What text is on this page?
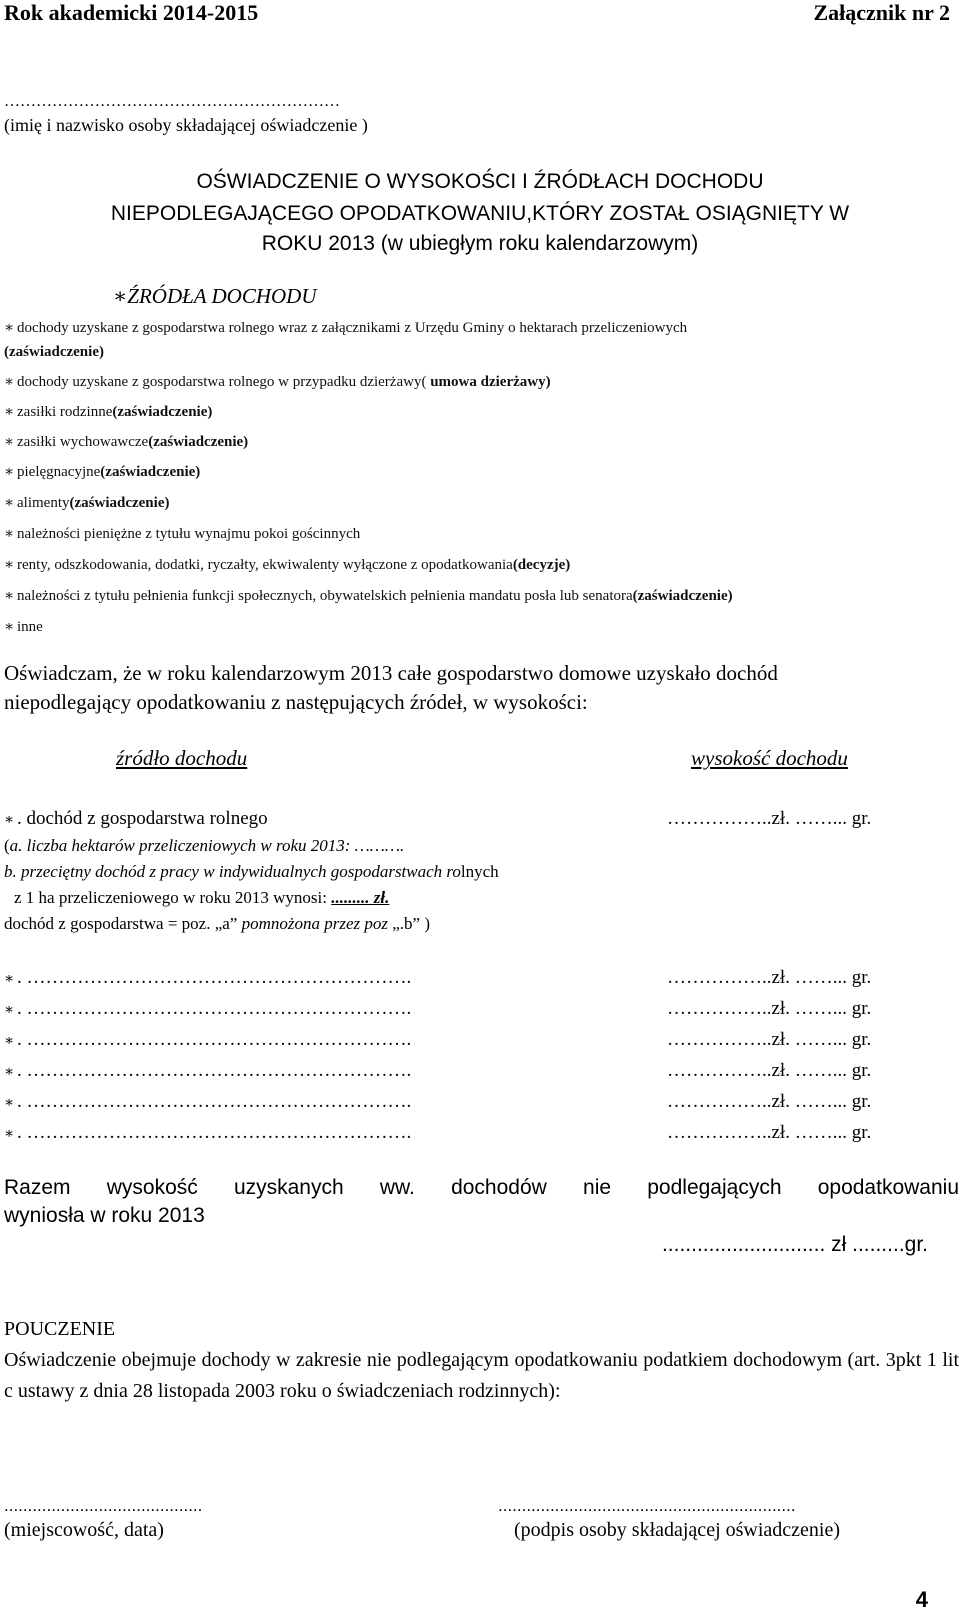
Rok akademicki 2014-2015	Załącznik nr 2
………………………………………………………
(imię i nazwisko osoby składającej oświadczenie )
OŚWIADCZENIE O WYSOKOŚCI I ŹRÓDŁACH DOCHODU
NIEPODLEGAJĄCEGO OPODATKOWANIU,KTÓRY ZOSTAŁ OSIĄGNIĘTY W
ROKU 2013 (w ubiegłym roku kalendarzowym)
∗ŹRÓDŁA DOCHODU
∗ dochody uzyskane z gospodarstwa rolnego wraz z załącznikami z Urzędu Gminy o hektarach przeliczeniowych
(zaświadczenie)
∗ dochody uzyskane z gospodarstwa rolnego w przypadku dzierżawy( umowa dzierżawy)
∗ zasiłki rodzinne(zaświadczenie)
∗ zasiłki wychowawcze(zaświadczenie)
∗ pielęgnacyjne(zaświadczenie)
∗ alimenty(zaświadczenie)
∗ należności pieniężne z tytułu wynajmu pokoi gościnnych
∗ renty, odszkodowania, dodatki, ryczałty, ekwiwalenty wyłączone z opodatkowania(decyzje)
∗ należności z tytułu pełnienia funkcji społecznych, obywatelskich pełnienia mandatu posła lub senatora(zaświadczenie)
∗ inne
Oświadczam, że w roku kalendarzowym 2013 całe gospodarstwo domowe uzyskało dochód
niepodlegający opodatkowaniu z następujących źródeł, w wysokości:
źródło dochodu	wysokość dochodu
∗ . dochód z gospodarstwa rolnego	……………..zł. ……... gr.
(a. liczba hektarów przeliczeniowych w roku 2013: ……….
b. przeciętny dochód z pracy w indywidualnych gospodarstwach rolnych
z 1 ha przeliczeniowego w roku 2013 wynosi: ......... zł.
dochód z gospodarstwa = poz. „a” pomnożona przez poz „.b” )
∗ . …………………………………………………….	……………..zł. ……... gr.
∗ . …………………………………………………….	……………..zł. ……... gr.
∗ . …………………………………………………….	……………..zł. ……... gr.
∗ . …………………………………………………….	……………..zł. ……... gr.
∗ . …………………………………………………….	……………..zł. ……... gr.
∗ . …………………………………………………….	……………..zł. ……... gr.
Razem wysokość uzyskanych ww. dochodów nie podlegających opodatkowaniu
wyniosła w roku 2013
............................ zł .........gr.
POUCZENIE
Oświadczenie obejmuje dochody w zakresie nie podlegającym opodatkowaniu podatkiem dochodowym (art. 3pkt 1 lit c ustawy z dnia 28 listopada 2003 roku o świadczeniach rodzinnych):
..........................................
(miejscowość, data)
...............................................................
(podpis osoby składającej oświadczenie)
4
